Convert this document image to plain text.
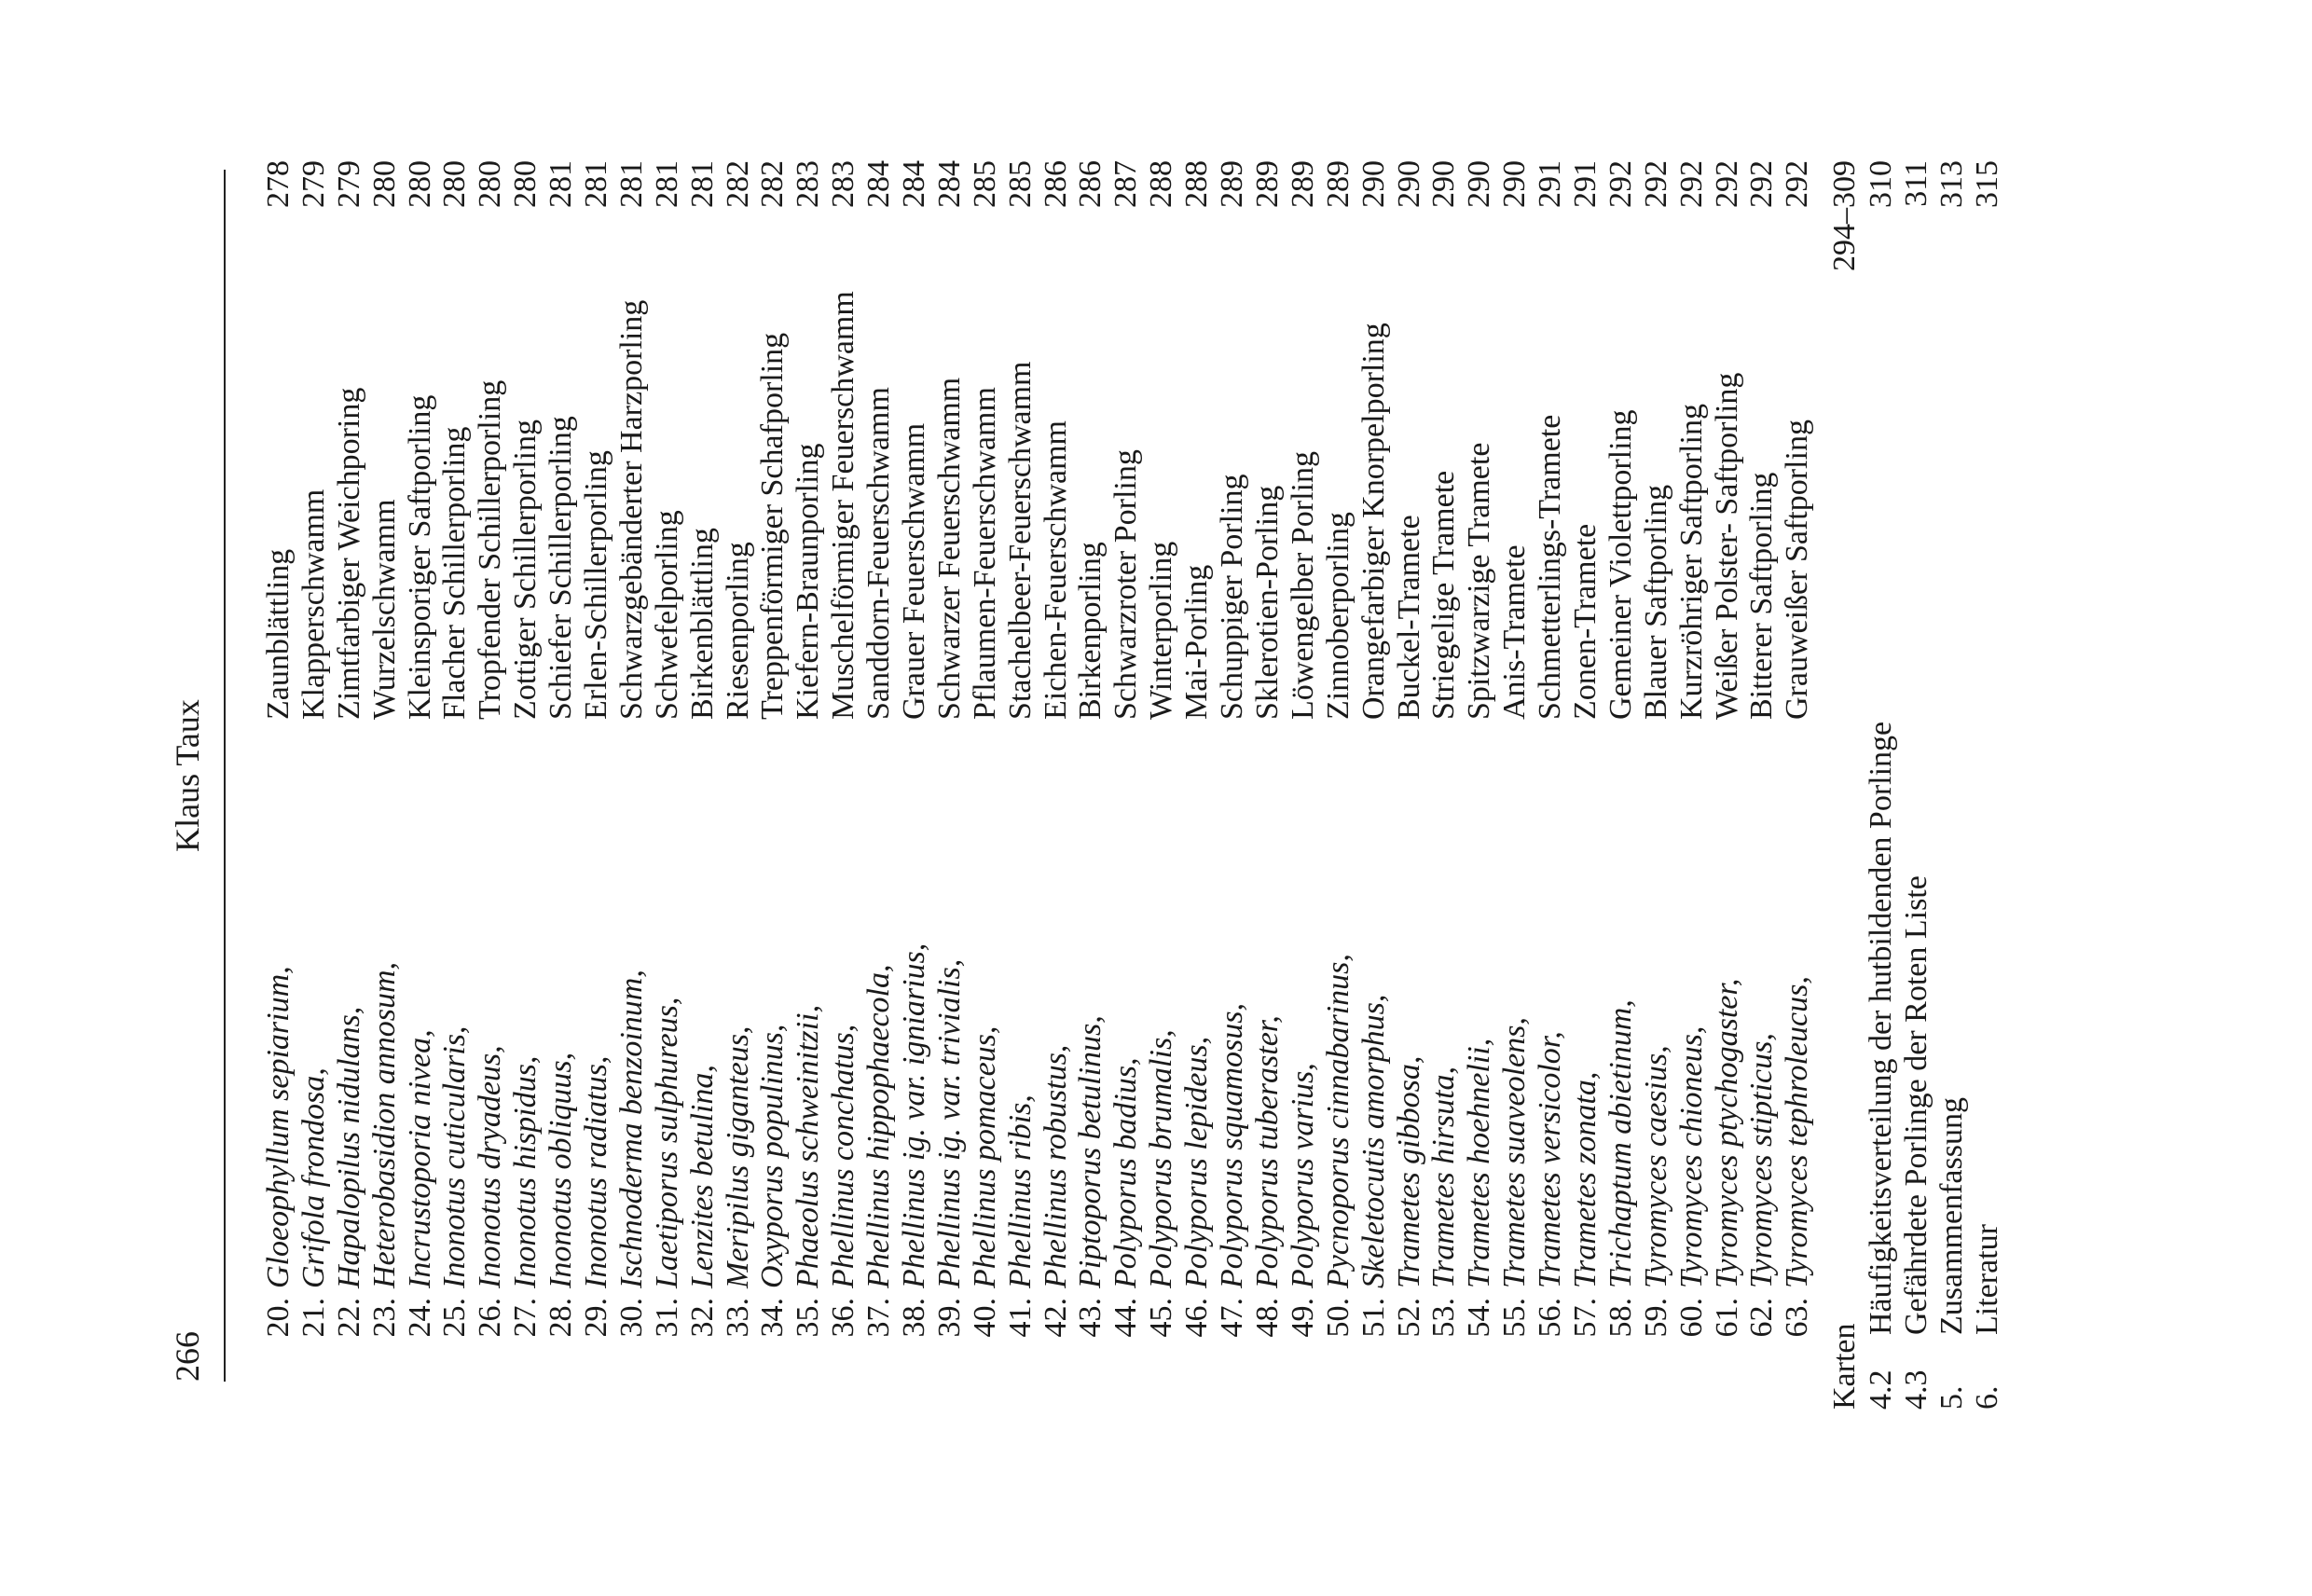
266
Klaus Taux
20.
Gloeophyllum sepiarium,
Zaunblättling
278
21.
Grifola frondosa,
Klapperschwamm
279
22.
Hapalopilus nidulans,
Zimtfarbiger Weichporing
279
23.
Heterobasidion annosum,
Wurzelschwamm
280
24.
Incrustoporia nivea,
Kleinsporiger Saftporling
280
25.
Inonotus cuticularis,
Flacher Schillerporling
280
26.
Inonotus dryadeus,
Tropfender Schillerporling
280
27.
Inonotus hispidus,
Zottiger Schillerporling
280
28.
Inonotus obliquus,
Schiefer Schillerporling
281
29.
Inonotus radiatus,
Erlen-Schillerporling
281
30.
Ischnoderma benzoinum,
Schwarzgebänderter Harzporling
281
31.
Laetiporus sulphureus,
Schwefelporling
281
32.
Lenzites betulina,
Birkenblättling
281
33.
Meripilus giganteus,
Riesenporling
282
34.
Oxyporus populinus,
Treppenförmiger Schafporling
282
35.
Phaeolus schweinitzii,
Kiefern-Braunporling
283
36.
Phellinus conchatus,
Muschelförmiger Feuerschwamm
283
37.
Phellinus hippophaecola,
Sanddorn-Feuerschwamm
284
38.
Phellinus ig. var. igniarius,
Grauer Feuerschwamm
284
39.
Phellinus ig. var. trivialis,
Schwarzer Feuerschwamm
284
40.
Phellinus pomaceus,
Pflaumen-Feuerschwamm
285
41.
Phellinus ribis,
Stachelbeer-Feuerschwamm
285
42.
Phellinus robustus,
Eichen-Feuerschwamm
286
43.
Piptoporus betulinus,
Birkenporling
286
44.
Polyporus badius,
Schwarzroter Porling
287
45.
Polyporus brumalis,
Winterporling
288
46.
Polyporus lepideus,
Mai-Porling
288
47.
Polyporus squamosus,
Schuppiger Porling
289
48.
Polyporus tuberaster,
Sklerotien-Porling
289
49.
Polyporus varius,
Löwengelber Porling
289
50.
Pycnoporus cinnabarinus,
Zinnoberporling
289
51.
Skeletocutis amorphus,
Orangefarbiger Knorpelporling
290
52.
Trametes gibbosa,
Buckel-Tramete
290
53.
Trametes hirsuta,
Striegelige Tramete
290
54.
Trametes hoehnelii,
Spitzwarzige Tramete
290
55.
Trametes suaveolens,
Anis-Tramete
290
56.
Trametes versicolor,
Schmetterlings-Tramete
291
57.
Trametes zonata,
Zonen-Tramete
291
58.
Trichaptum abietinum,
Gemeiner Violettporling
292
59.
Tyromyces caesius,
Blauer Saftporling
292
60.
Tyromyces chioneus,
Kurzröhriger Saftporling
292
61.
Tyromyces ptychogaster,
Weißer Polster- Saftporling
292
62.
Tyromyces stipticus,
Bitterer Saftporling
292
63.
Tyromyces tephroleucus,
Grauweißer Saftporling
292
Karten
294–309
4.2
Häufigkeitsverteilung der hutbildenden Porlinge
310
4.3
Gefährdete Porlinge der Roten Liste
311
5.
Zusammenfassung
313
6.
Literatur
315
